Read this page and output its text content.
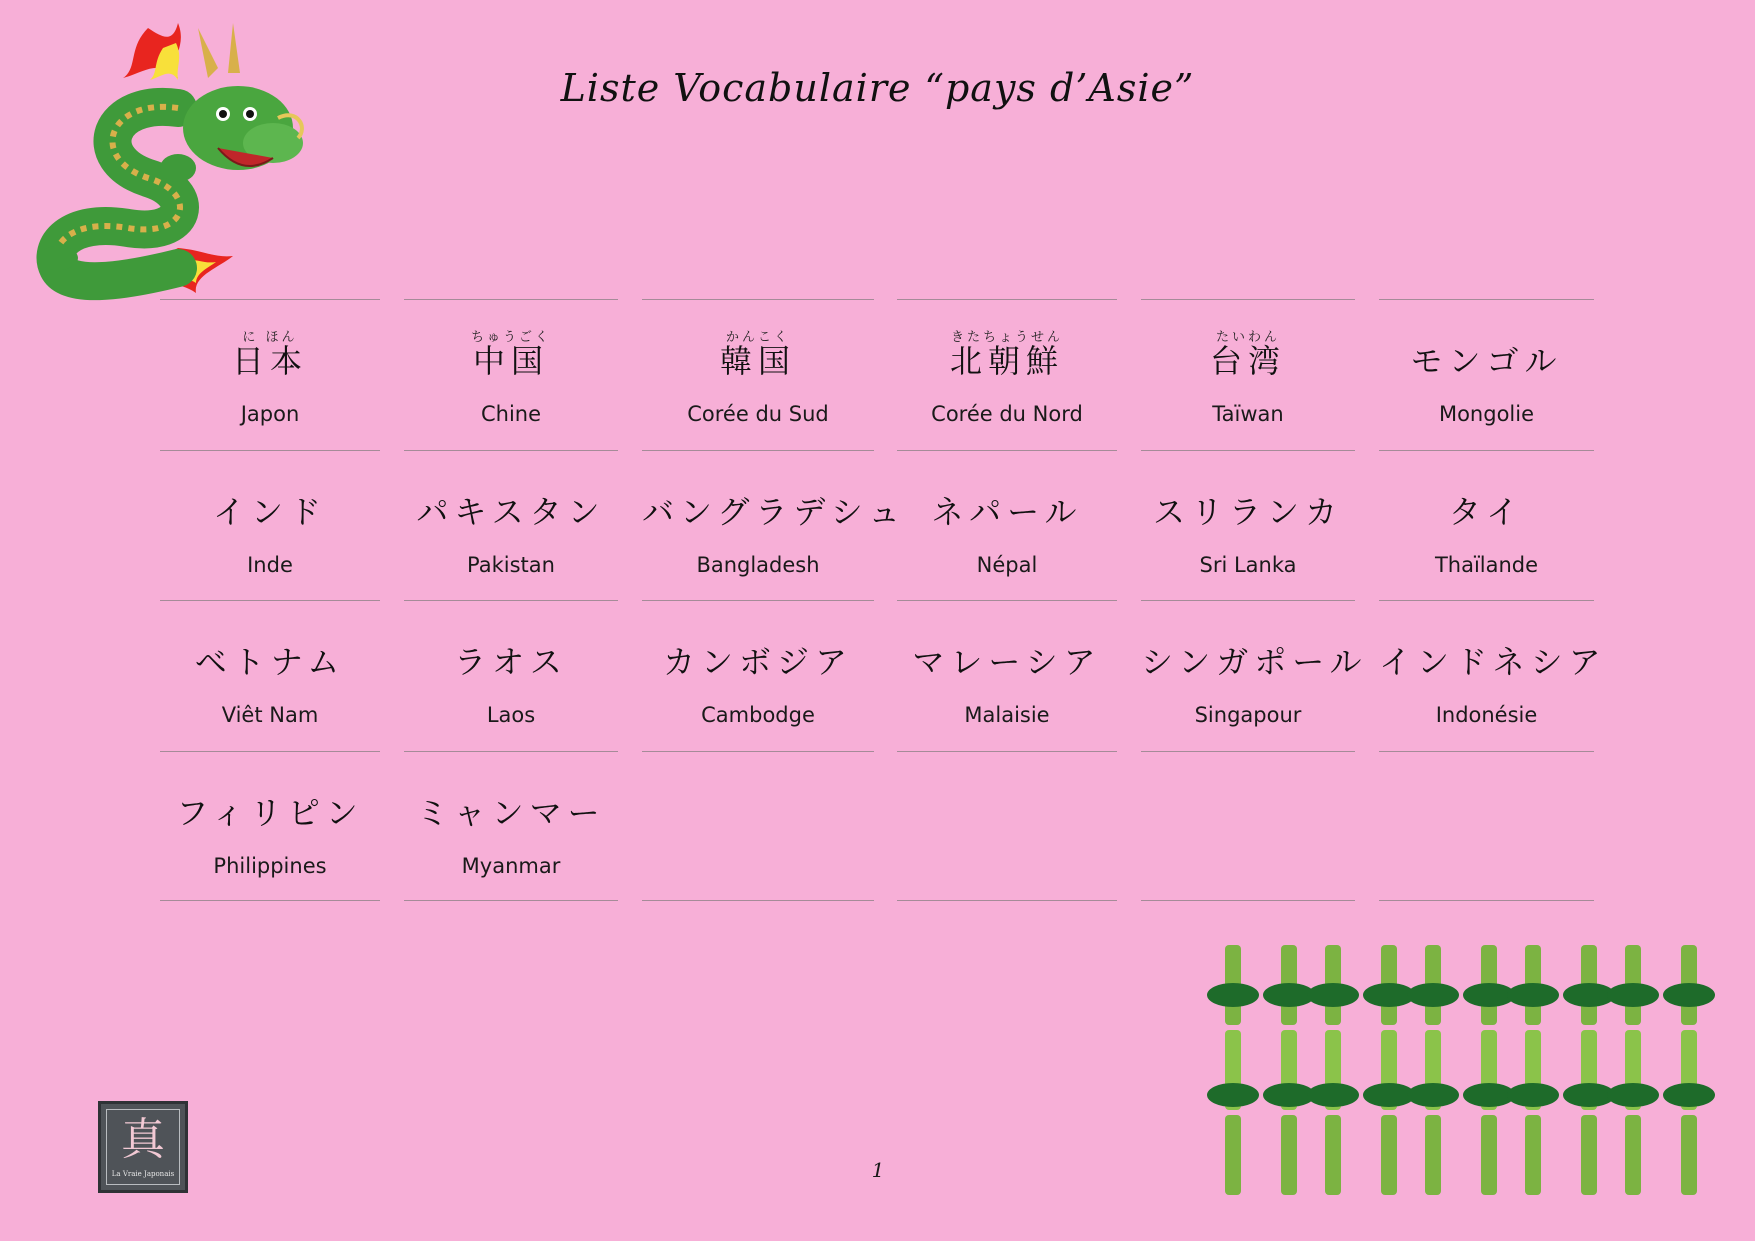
Liste Vocabulaire “pays d’Asie”
に ほん
日本
Japon
ちゅうごく
中国
Chine
かんこく
韓国
Corée du Sud
きたちょうせん
北朝鮮
Corée du Nord
たいわん
台湾
Taïwan
モンゴル
Mongolie
インド
Inde
パキスタン
Pakistan
バングラデシュ
Bangladesh
ネパール
Népal
スリランカ
Sri Lanka
タイ
Thaïlande
ベトナム
Viêt Nam
ラオス
Laos
カンボジア
Cambodge
マレーシア
Malaisie
シンガポール
Singapour
インドネシア
Indonésie
フィリピン
Philippines
ミャンマー
Myanmar
真
La Vraie Japonais	1
